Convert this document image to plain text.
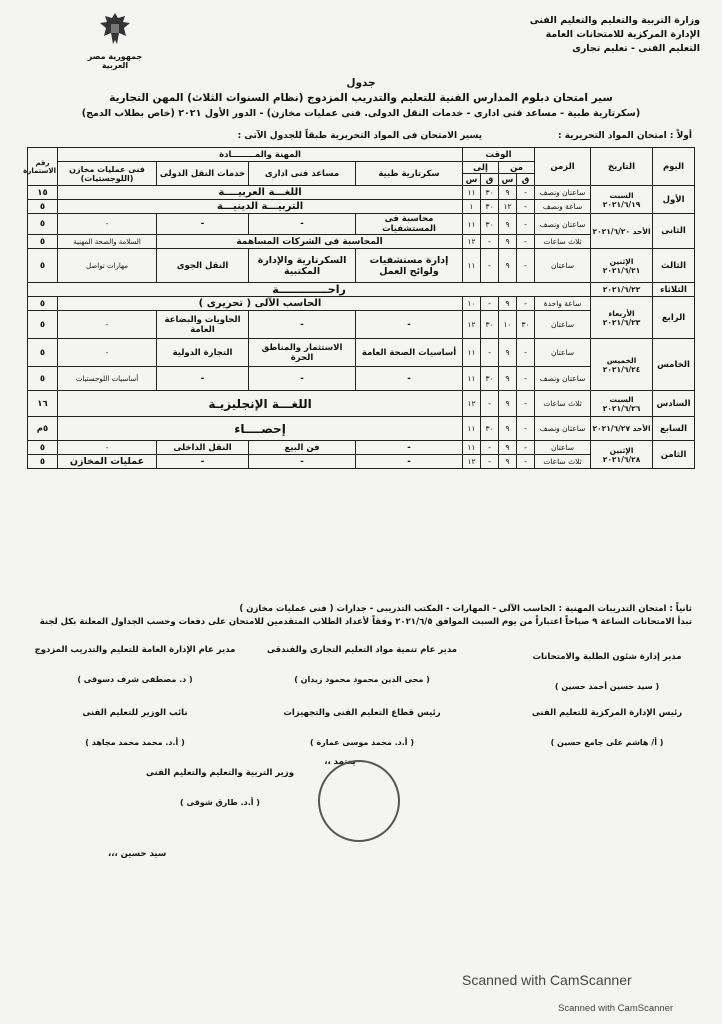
وزارة التربية والتعليم والتعليم الفنى
الإدارة المركزية للامتحانات العامة
التعليم الفنى - تعليم تجارى
جمهورية مصر العربية
جدول
سير امتحان دبلوم المدارس الفنية للتعليم والتدريب المزدوج (نظام السنوات الثلاث) المهن التجارية
(سكرتارية طبية - مساعد فنى ادارى - خدمات النقل الدولى. فنى عمليات مخازن) - الدور الأول ٢٠٢١ (خاص بطلاب الدمج)
أولاً : امتحان المواد التحريرية :
يسير الامتحان فى المواد التحريرية طبقاً للجدول الآتى :
اليوم	التاريخ	الزمن	الوقت				المهنة والمــــــــادة				رقم الاستمارة
			من		إلى		سكرتارية طبية	مساعد فنى ادارى	خدمات النقل الدولى	فنى عمليات مخازن (اللوجستيات)	
			ق	س	ق	س					
الأول	السبت ٢٠٢١/٦/١٩	ساعتان ونصف	-	٩	٣٠	١١	اللغـــة العربيــــة				١٥
		ساعة ونصف	-	١٢	٣٠	١	التربيـــة الدينيـــة				٥
الثانى	الأحد ٢٠٢١/٦/٢٠	ساعتان ونصف	-	٩	٣٠	١١	محاسبة فى المستشفيات	-	-	-	٥
		ثلاث ساعات	-	٩	-	١٢	المحاسبة فى الشركات المساهمة			السلامة والصحة المهنية	٥
الثالث	الإثنين ٢٠٢١/٦/٢١	ساعتان	-	٩	-	١١	إدارة مستشفيات ولوائح العمل	السكرتارية والإدارة المكتبية	النقل الجوى	مهارات تواصل	٥
الثلاثاء	٢٠٢١/٦/٢٢	راحـــــــــــــة									
الرابع	الأربعاء ٢٠٢١/٦/٢٣	ساعة واحدة	-	٩	-	١٠	الحاسب الآلى ( تحريرى )				٥
		ساعتان	٣٠	١٠	٣٠	١٢	-	-	الحاويات والبضاعة العامة	-	٥
الخامس	الخميس ٢٠٢١/٦/٢٤	ساعتان	-	٩	-	١١	أساسيات الصحة العامة	الاستثمار والمناطق الحرة	التجارة الدولية	-	٥
		ساعتان ونصف	-	٩	٣٠	١١	-	-	-	أساسيات اللوجستيات	٥
السادس	السبت ٢٠٢١/٦/٢٦	ثلاث ساعات	-	٩	-	١٢	اللغـــة الإنجليزيـة				١٦
السابع	الأحد ٢٠٢١/٦/٢٧	ساعتان ونصف	-	٩	٣٠	١١	إحصــــاء				٥م
الثامن	الإثنين ٢٠٢١/٦/٢٨	ساعتان	-	٩	-	١١	-	فن البيع	النقل الداخلى	-	٥
		ثلاث ساعات	-	٩	-	١٢	-	-	-	عمليات المخازن	٥
ثانياً : امتحان التدريبات المهنية : الحاسب الآلى - المهارات - المكتب التدريبى - جدارات ( فنى عمليات مخازن )
تبدأ الامتحانات الساعة ٩ صباحاً اعتباراً من يوم السبت الموافق ٢٠٢١/٦/٥ وفقاً لأعداد الطلاب المتقدمين للامتحان على دفعات وحسب الجداول المعلنة بكل لجنة
مدير إدارة شئون الطلبة والامتحانات
( سيد حسين أحمد حسين )
مدير عام تنمية مواد التعليم التجارى والفندقى
( محى الدين محمود محمود زيدان )
مدير عام الإدارة العامة للتعليم والتدريب المزدوج
( د. مصطفى شرف دسوقى )
رئيس الإدارة المركزية للتعليم الفنى
( أ/ هاشم على جامع حسين )
رئيس قطاع التعليم الفنى والتجهيزات
( أ.د. محمد موسى عمارة )
نائب الوزير للتعليم الفنى
( أ.د. محمد محمد مجاهد )
يعتمد ،،
وزير التربية والتعليم والتعليم الفنى
( أ.د. طارق شوقى )
سيد حسين ،،،
Scanned with CamScanner
Scanned with CamScanner
